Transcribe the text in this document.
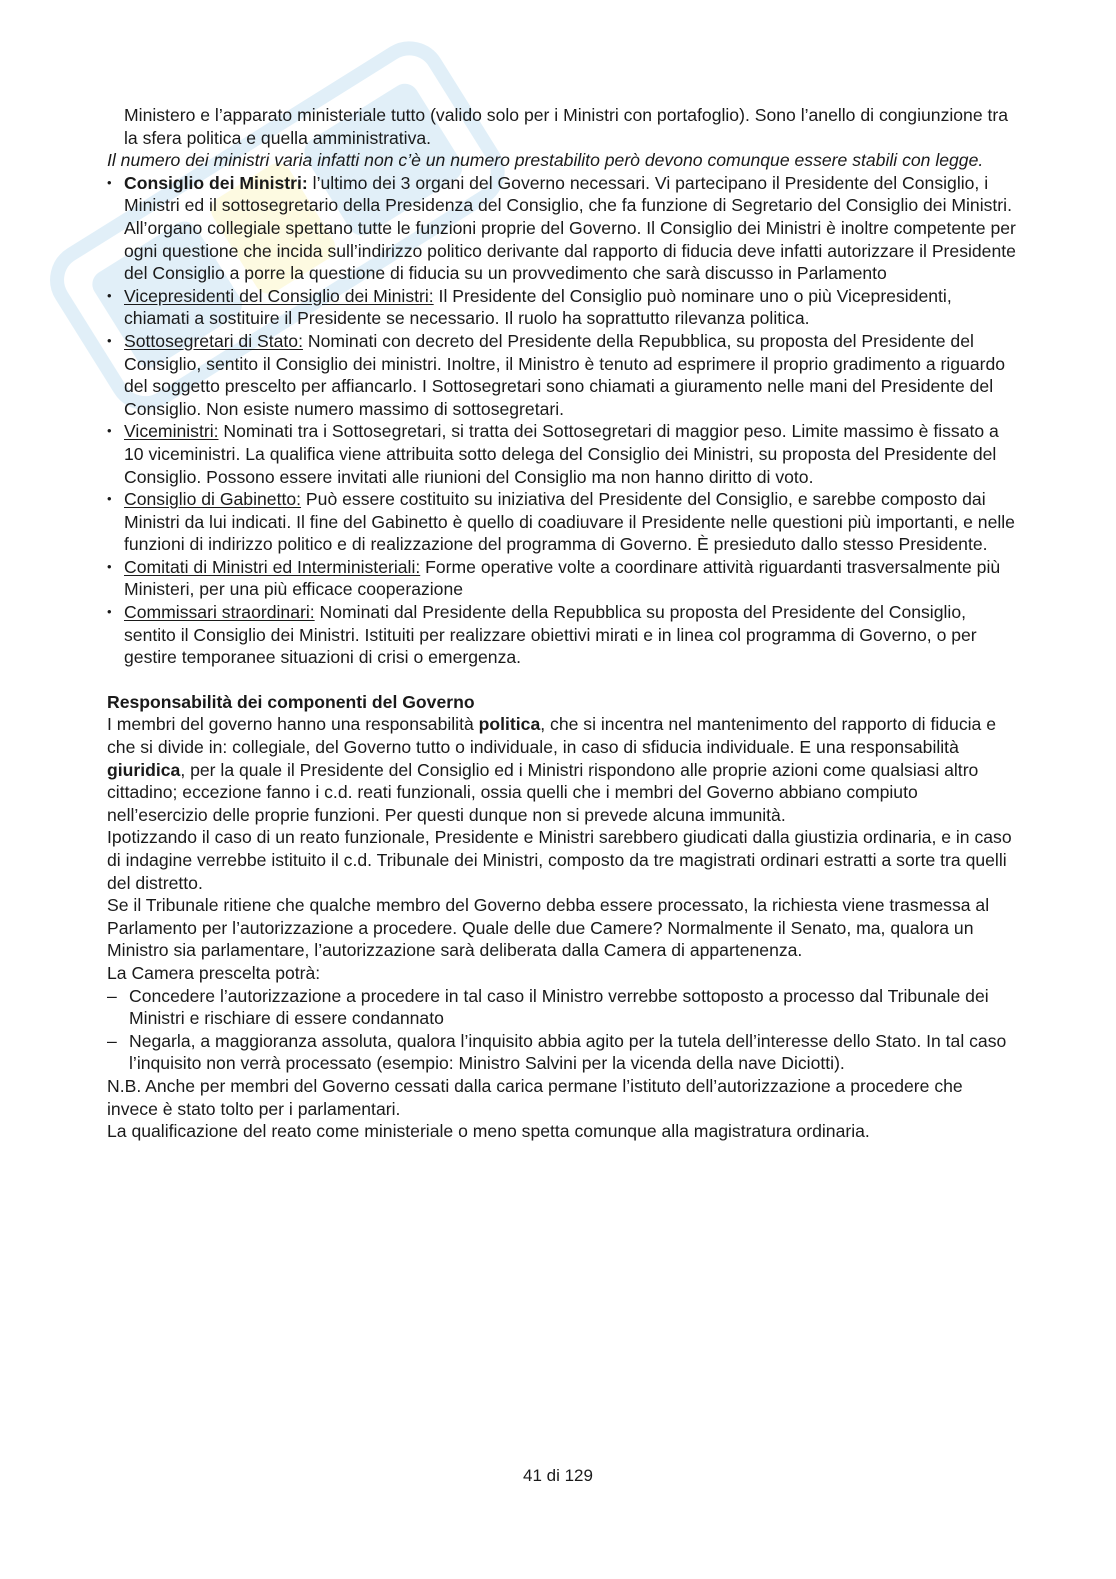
Ministero e l’apparato ministeriale tutto (valido solo per i Ministri con portafoglio). Sono l’anello di congiunzione tra la sfera politica e quella amministrativa.

Il numero dei ministri varia infatti non c’è un numero prestabilito però devono comunque essere stabili con legge.

• Consiglio dei Ministri: l’ultimo dei 3 organi del Governo necessari. Vi partecipano il Presidente del Consiglio, i Ministri ed il sottosegretario della Presidenza del Consiglio, che fa funzione di Segretario del Consiglio dei Ministri. All’organo collegiale spettano tutte le funzioni proprie del Governo. Il Consiglio dei Ministri è inoltre competente per ogni questione che incida sull’indirizzo politico derivante dal rapporto di fiducia deve infatti autorizzare il Presidente del Consiglio a porre la questione di fiducia su un provvedimento che sarà discusso in Parlamento
• Vicepresidenti del Consiglio dei Ministri: Il Presidente del Consiglio può nominare uno o più Vicepresidenti, chiamati a sostituire il Presidente se necessario. Il ruolo ha soprattutto rilevanza politica.
• Sottosegretari di Stato: Nominati con decreto del Presidente della Repubblica, su proposta del Presidente del Consiglio, sentito il Consiglio dei ministri. Inoltre, il Ministro è tenuto ad esprimere il proprio gradimento a riguardo del soggetto prescelto per affiancarlo. I Sottosegretari sono chiamati a giuramento nelle mani del Presidente del Consiglio. Non esiste numero massimo di sottosegretari.
• Viceministri: Nominati tra i Sottosegretari, si tratta dei Sottosegretari di maggior peso. Limite massimo è fissato a 10 viceministri. La qualifica viene attribuita sotto delega del Consiglio dei Ministri, su proposta del Presidente del Consiglio. Possono essere invitati alle riunioni del Consiglio ma non hanno diritto di voto.
• Consiglio di Gabinetto: Può essere costituito su iniziativa del Presidente del Consiglio, e sarebbe composto dai Ministri da lui indicati. Il fine del Gabinetto è quello di coadiuvare il Presidente nelle questioni più importanti, e nelle funzioni di indirizzo politico e di realizzazione del programma di Governo. È presieduto dallo stesso Presidente.
• Comitati di Ministri ed Interministeriali: Forme operative volte a coordinare attività riguardanti trasversalmente più Ministeri, per una più efficace cooperazione
• Commissari straordinari: Nominati dal Presidente della Repubblica su proposta del Presidente del Consiglio, sentito il Consiglio dei Ministri. Istituiti per realizzare obiettivi mirati e in linea col programma di Governo, o per gestire temporanee situazioni di crisi o emergenza.

Responsabilità dei componenti del Governo

I membri del governo hanno una responsabilità politica, che si incentra nel mantenimento del rapporto di fiducia e che si divide in: collegiale, del Governo tutto o individuale, in caso di sfiducia individuale. E una responsabilità giuridica, per la quale il Presidente del Consiglio ed i Ministri rispondono alle proprie azioni come qualsiasi altro cittadino; eccezione fanno i c.d. reati funzionali, ossia quelli che i membri del Governo abbiano compiuto nell’esercizio delle proprie funzioni. Per questi dunque non si prevede alcuna immunità.

Ipotizzando il caso di un reato funzionale, Presidente e Ministri sarebbero giudicati dalla giustizia ordinaria, e in caso di indagine verrebbe istituito il c.d. Tribunale dei Ministri, composto da tre magistrati ordinari estratti a sorte tra quelli del distretto.

Se il Tribunale ritiene che qualche membro del Governo debba essere processato, la richiesta viene trasmessa al Parlamento per l’autorizzazione a procedere. Quale delle due Camere? Normalmente il Senato, ma, qualora un Ministro sia parlamentare, l’autorizzazione sarà deliberata dalla Camera di appartenenza.

La Camera prescelta potrà:

– Concedere l’autorizzazione a procedere in tal caso il Ministro verrebbe sottoposto a processo dal Tribunale dei Ministri e rischiare di essere condannato
– Negarla, a maggioranza assoluta, qualora l’inquisito abbia agito per la tutela dell’interesse dello Stato. In tal caso l’inquisito non verrà processato (esempio: Ministro Salvini per la vicenda della nave Diciotti).

N.B. Anche per membri del Governo cessati dalla carica permane l’istituto dell’autorizzazione a procedere che invece è stato tolto per i parlamentari.

La qualificazione del reato come ministeriale o meno spetta comunque alla magistratura ordinaria.

41 di 129
